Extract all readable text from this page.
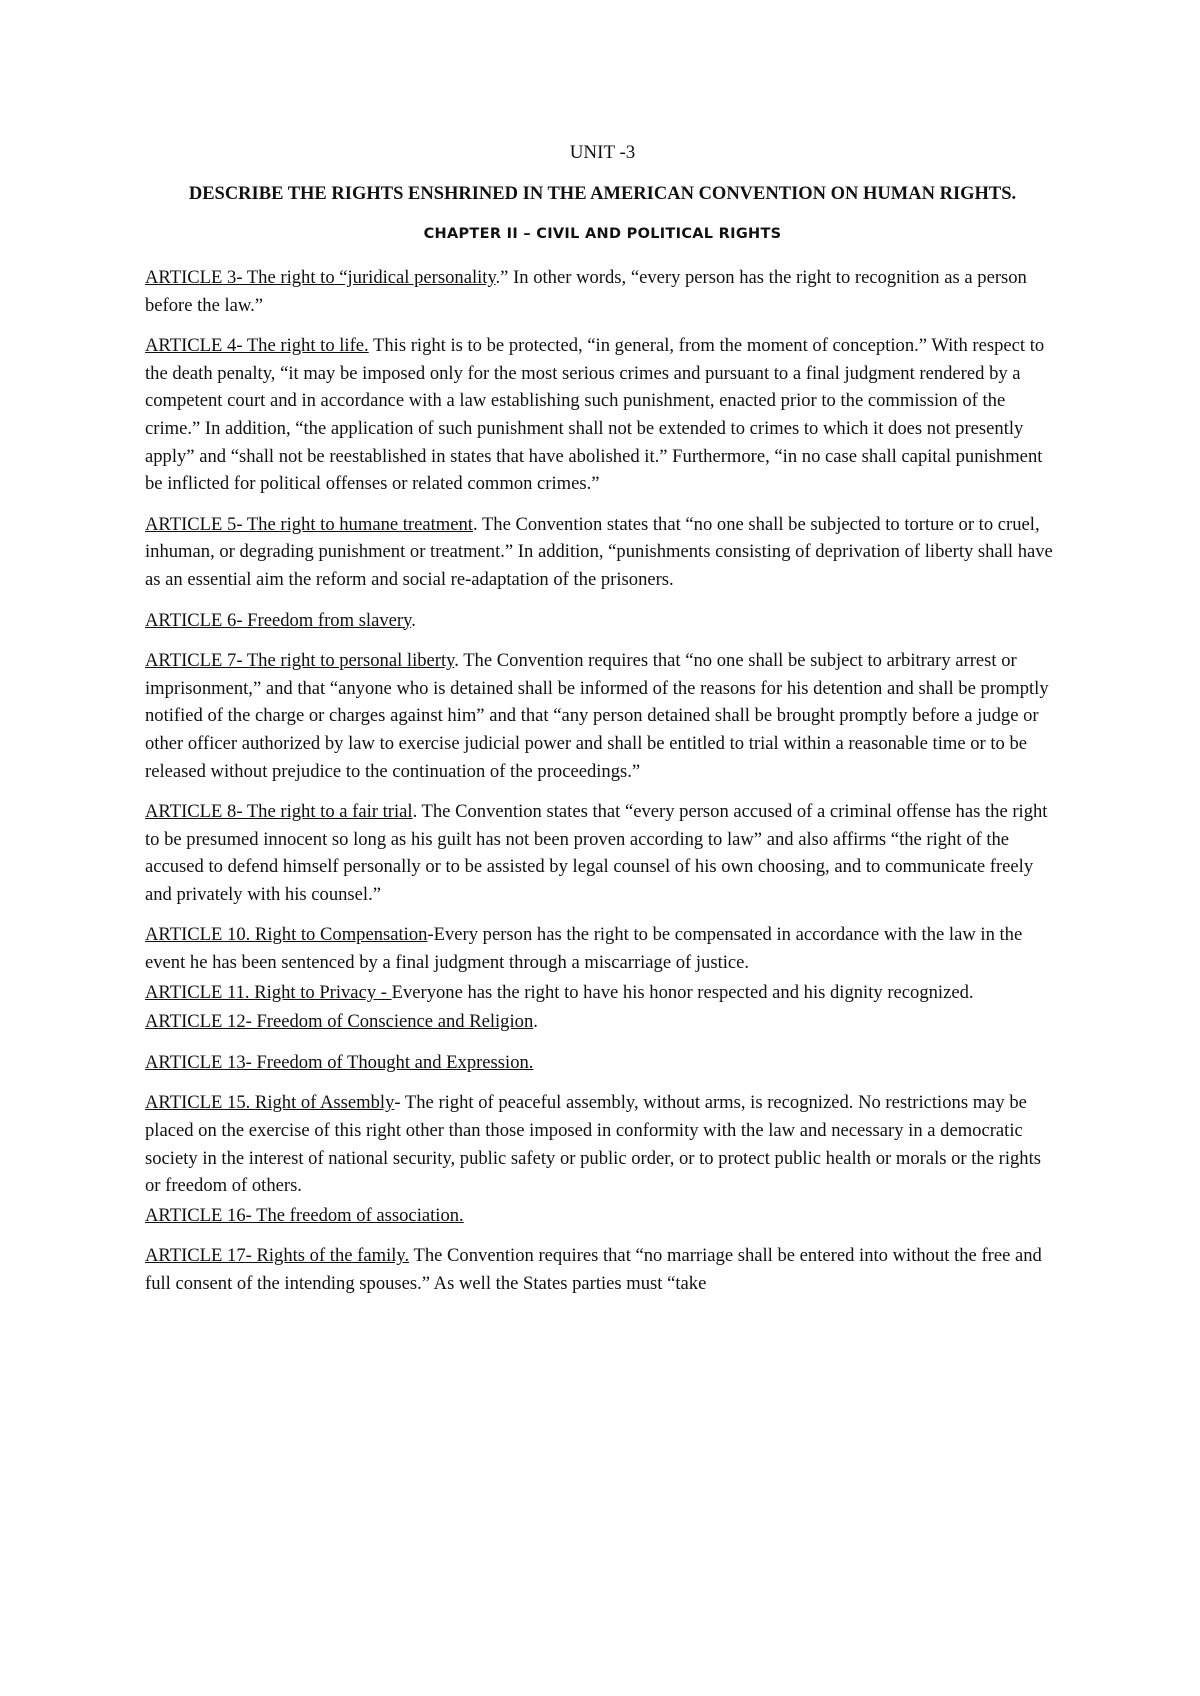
UNIT -3
DESCRIBE THE RIGHTS ENSHRINED IN THE AMERICAN CONVENTION ON HUMAN RIGHTS.
CHAPTER II – CIVIL AND POLITICAL RIGHTS

ARTICLE 3- The right to “juridical personality.” In other words, “every person has the right to recognition as a person before the law.”

ARTICLE 4- The right to life. This right is to be protected, “in general, from the moment of conception.” With respect to the death penalty, “it may be imposed only for the most serious crimes and pursuant to a final judgment rendered by a competent court and in accordance with a law establishing such punishment, enacted prior to the commission of the crime.” In addition, “the application of such punishment shall not be extended to crimes to which it does not presently apply” and “shall not be reestablished in states that have abolished it.” Furthermore, “in no case shall capital punishment be inflicted for political offenses or related common crimes.”

ARTICLE 5- The right to humane treatment. The Convention states that “no one shall be subjected to torture or to cruel, inhuman, or degrading punishment or treatment.” In addition, “punishments consisting of deprivation of liberty shall have as an essential aim the reform and social re-adaptation of the prisoners.

ARTICLE 6- Freedom from slavery.

ARTICLE 7- The right to personal liberty. The Convention requires that “no one shall be subject to arbitrary arrest or imprisonment,” and that “anyone who is detained shall be informed of the reasons for his detention and shall be promptly notified of the charge or charges against him” and that “any person detained shall be brought promptly before a judge or other officer authorized by law to exercise judicial power and shall be entitled to trial within a reasonable time or to be released without prejudice to the continuation of the proceedings.”

ARTICLE 8- The right to a fair trial. The Convention states that “every person accused of a criminal offense has the right to be presumed innocent so long as his guilt has not been proven according to law” and also affirms “the right of the accused to defend himself personally or to be assisted by legal counsel of his own choosing, and to communicate freely and privately with his counsel.”

ARTICLE 10. Right to Compensation-Every person has the right to be compensated in accordance with the law in the event he has been sentenced by a final judgment through a miscarriage of justice.

ARTICLE 11. Right to Privacy - Everyone has the right to have his honor respected and his dignity recognized.

ARTICLE 12- Freedom of Conscience and Religion.

ARTICLE 13- Freedom of Thought and Expression.

ARTICLE 15. Right of Assembly- The right of peaceful assembly, without arms, is recognized. No restrictions may be placed on the exercise of this right other than those imposed in conformity with the law and necessary in a democratic society in the interest of national security, public safety or public order, or to protect public health or morals or the rights or freedom of others.

ARTICLE 16- The freedom of association.

ARTICLE 17- Rights of the family. The Convention requires that “no marriage shall be entered into without the free and full consent of the intending spouses.” As well the States parties must “take
